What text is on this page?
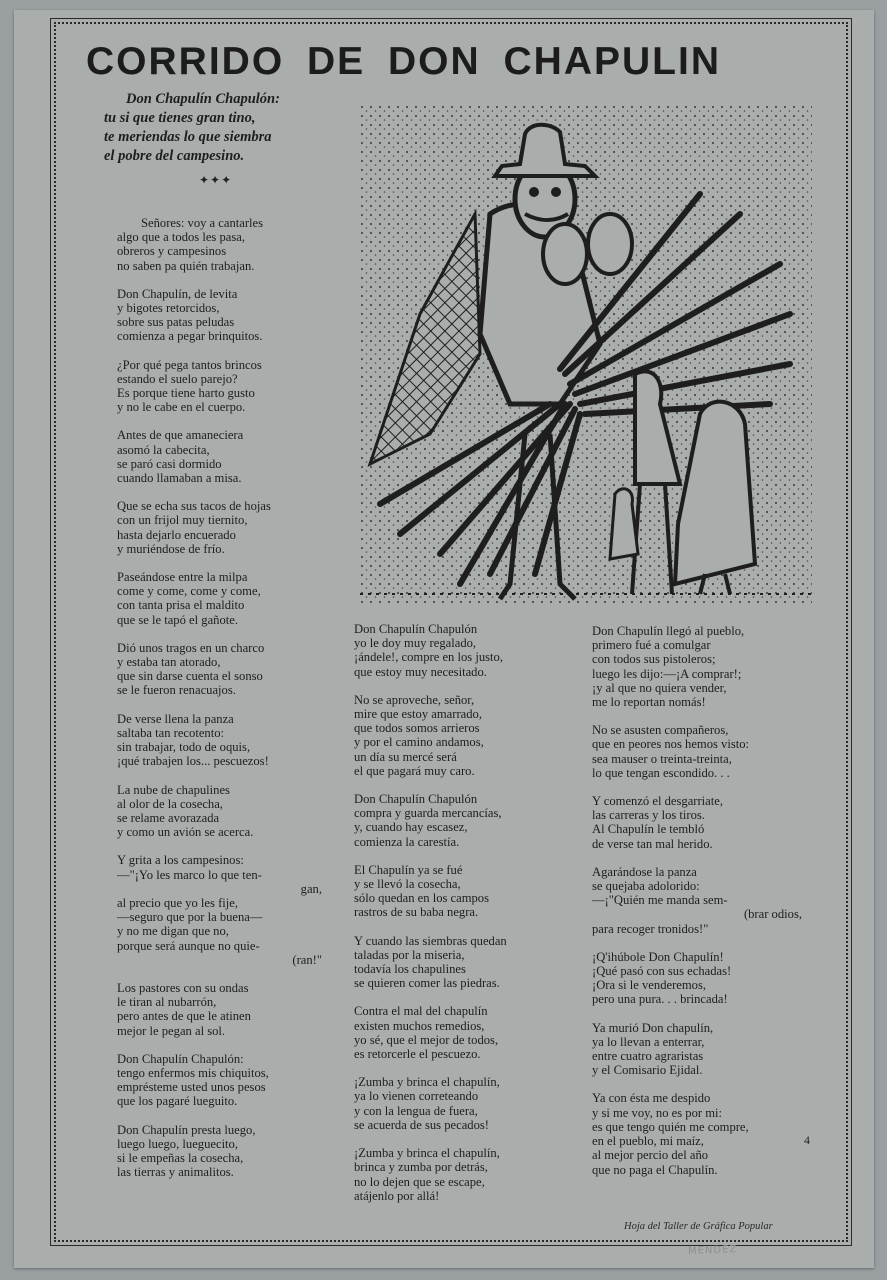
CORRIDO DE DON CHAPULIN
Don Chapulín Chapulón:
tu si que tienes gran tino,
te meriendas lo que siembra
el pobre del campesino.
✦✦✦
Señores: voy a cantarles
algo que a todos les pasa,
obreros y campesinos
no saben pa quién trabajan.
Don Chapulín, de levita
y bigotes retorcidos,
sobre sus patas peludas
comienza a pegar brinquitos.
¿Por qué pega tantos brincos
estando el suelo parejo?
Es porque tiene harto gusto
y no le cabe en el cuerpo.
Antes de que amaneciera
asomó la cabecita,
se paró casi dormido
cuando llamaban a misa.
Que se echa sus tacos de hojas
con un frijol muy tiernito,
hasta dejarlo encuerado
y muriéndose de frío.
Paseándose entre la milpa
come y come, come y come,
con tanta prisa el maldito
que se le tapó el gañote.
Dió unos tragos en un charco
y estaba tan atorado,
que sin darse cuenta el sonso
se le fueron renacuajos.
De verse llena la panza
saltaba tan recotento:
sin trabajar, todo de oquis,
¡qué trabajen los... pescuezos!
La nube de chapulines
al olor de la cosecha,
se relame avorazada
y como un avión se acerca.
Y grita a los campesinos:
—"¡Yo les marco lo que ten-
gan,
al precio que yo les fije,
—seguro que por la buena—
y no me digan que no,
porque será aunque no quie-
(ran!"
Los pastores con su ondas
le tiran al nubarrón,
pero antes de que le atinen
mejor le pegan al sol.
Don Chapulín Chapulón:
tengo enfermos mis chiquitos,
empréstemе usted unos pesos
que los pagaré lueguito.
Don Chapulín presta luego,
luego luego, lueguecito,
si le empeñas la cosecha,
las tierras y animalitos.
Don Chapulín Chapulón
yo le doy muy regalado,
¡ándele!, compre en los justo,
que estoy muy necesitado.
No se aproveche, señor,
mire que estoy amarrado,
que todos somos arrieros
y por el camino andamos,
un día su mercé será
el que pagará muy caro.
Don Chapulín Chapulón
compra y guarda mercancías,
y, cuando hay escasez,
comienza la carestía.
El Chapulín ya se fué
y se llevó la cosecha,
sólo quedan en los campos
rastros de su baba negra.
Y cuando las siembras quedan
taladas por la miseria,
todavía los chapulines
se quieren comer las piedras.
Contra el mal del chapulín
existen muchos remedios,
yo sé, que el mejor de todos,
es retorcerle el pescuezo.
¡Zumba y brinca el chapulín,
ya lo vienen correteando
y con la lengua de fuera,
se acuerda de sus pecados!
¡Zumba y brinca el chapulín,
brinca y zumba por detrás,
no lo dejen que se escape,
atájenlo por allá!
Don Chapulín llegó al pueblo,
primero fué a comulgar
con todos sus pistoleros;
luego les dijo:—¡A comprar!;
¡y al que no quiera vender,
me lo reportan nomás!
No se asusten compañeros,
que en peores nos hemos visto:
sea mauser o treinta-treinta,
lo que tengan escondido. . .
Y comenzó el desgarriate,
las carreras y los tiros.
Al Chapulín le tembló
de verse tan mal herido.
Agarándose la panza
se quejaba adolorido:
—¡"Quién me manda sem-
(brar odios,
para recoger tronidos!"
¡Q'ihúbole Don Chapulín!
¡Qué pasó con sus echadas!
¡Ora si le venderemos,
pero una pura. . . brincada!
Ya murió Don chapulín,
ya lo llevan a enterrar,
entre cuatro agraristas
y el Comisario Ejidal.
Ya con ésta me despido
y si me voy, no es por mi:
es que tengo quién me compre,
en el pueblo, mi maíz,
al mejor percio del año
que no paga el Chapulín.
4
Hoja del Taller de Gráfica Popular
MENDEZ
